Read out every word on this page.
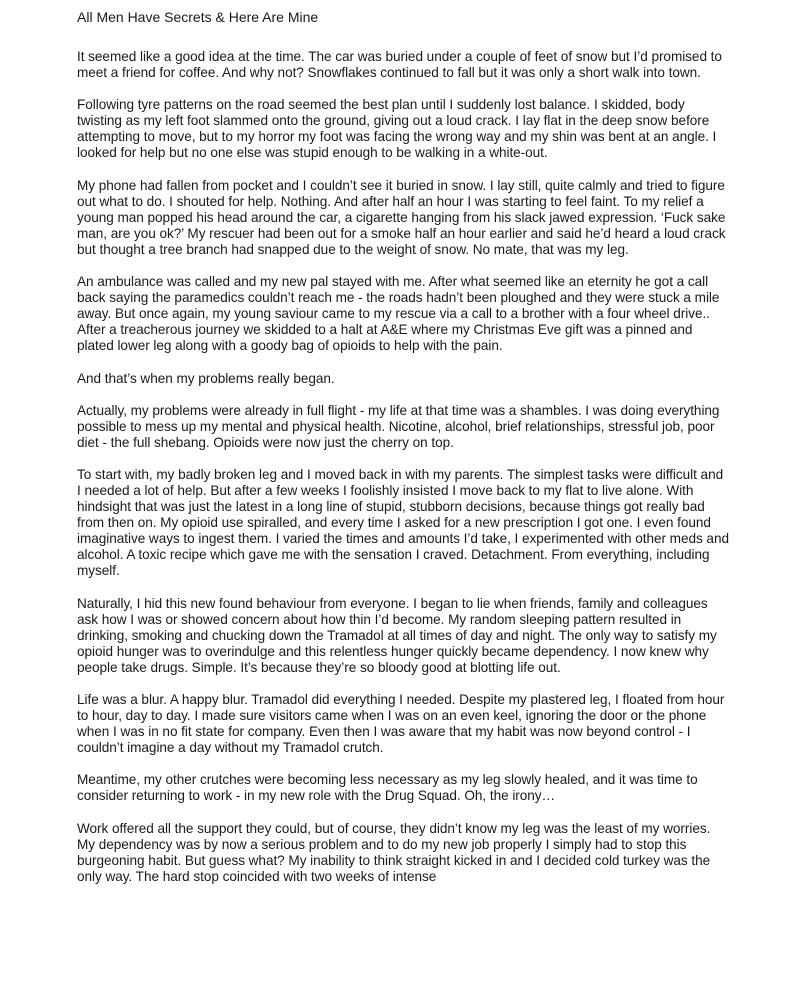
All Men Have Secrets & Here Are Mine

It seemed like a good idea at the time. The car was buried under a couple of feet of snow but I’d promised to meet a friend for coffee. And why not? Snowflakes continued to fall but it was only a short walk into town.

Following tyre patterns on the road seemed the best plan until I suddenly lost balance. I skidded, body twisting as my left foot slammed onto the ground, giving out a loud crack. I lay flat in the deep snow before attempting to move, but to my horror my foot was facing the wrong way and my shin was bent at an angle. I looked for help but no one else was stupid enough to be walking in a white-out.

My phone had fallen from pocket and I couldn’t see it buried in snow. I lay still, quite calmly and tried to figure out what to do. I shouted for help. Nothing. And after half an hour I was starting to feel faint. To my relief a young man popped his head around the car, a cigarette hanging from his slack jawed expression. ‘Fuck sake man, are you ok?’ My rescuer had been out for a smoke half an hour earlier and said he’d heard a loud crack but thought a tree branch had snapped due to the weight of snow. No mate, that was my leg.

An ambulance was called and my new pal stayed with me. After what seemed like an eternity he got a call back saying the paramedics couldn’t reach me - the roads hadn’t been ploughed and they were stuck a mile away. But once again, my young saviour came to my rescue via a call to a brother with a four wheel drive.. After a treacherous journey we skidded to a halt at A&E where my Christmas Eve gift was a pinned and plated lower leg along with a goody bag of opioids to help with the pain.

And that’s when my problems really began.

Actually, my problems were already in full flight - my life at that time was a shambles. I was doing everything possible to mess up my mental and physical health. Nicotine, alcohol, brief relationships, stressful job, poor diet - the full shebang. Opioids were now just the cherry on top.

To start with, my badly broken leg and I moved back in with my parents. The simplest tasks were difficult and I needed a lot of help. But after a few weeks I foolishly insisted I move back to my flat to live alone. With hindsight that was just the latest in a long line of stupid, stubborn decisions, because things got really bad from then on. My opioid use spiralled, and every time I asked for a new prescription I got one. I even found imaginative ways to ingest them. I varied the times and amounts I’d take, I experimented with other meds and alcohol. A toxic recipe which gave me with the sensation I craved. Detachment. From everything, including myself.

Naturally, I hid this new found behaviour from everyone. I began to lie when friends, family and colleagues ask how I was or showed concern about how thin I’d become. My random sleeping pattern resulted in drinking, smoking and chucking down the Tramadol at all times of day and night. The only way to satisfy my opioid hunger was to overindulge and this relentless hunger quickly became dependency. I now knew why people take drugs. Simple. It’s because they’re so bloody good at blotting life out.

Life was a blur. A happy blur. Tramadol did everything I needed. Despite my plastered leg, I floated from hour to hour, day to day. I made sure visitors came when I was on an even keel, ignoring the door or the phone when I was in no fit state for company. Even then I was aware that my habit was now beyond control - I couldn’t imagine a day without my Tramadol crutch.

Meantime, my other crutches were becoming less necessary as my leg slowly healed, and it was time to consider returning to work - in my new role with the Drug Squad. Oh, the irony…

Work offered all the support they could, but of course, they didn’t know my leg was the least of my worries. My dependency was by now a serious problem and to do my new job properly I simply had to stop this burgeoning habit. But guess what? My inability to think straight kicked in and I decided cold turkey was the only way. The hard stop coincided with two weeks of intense
